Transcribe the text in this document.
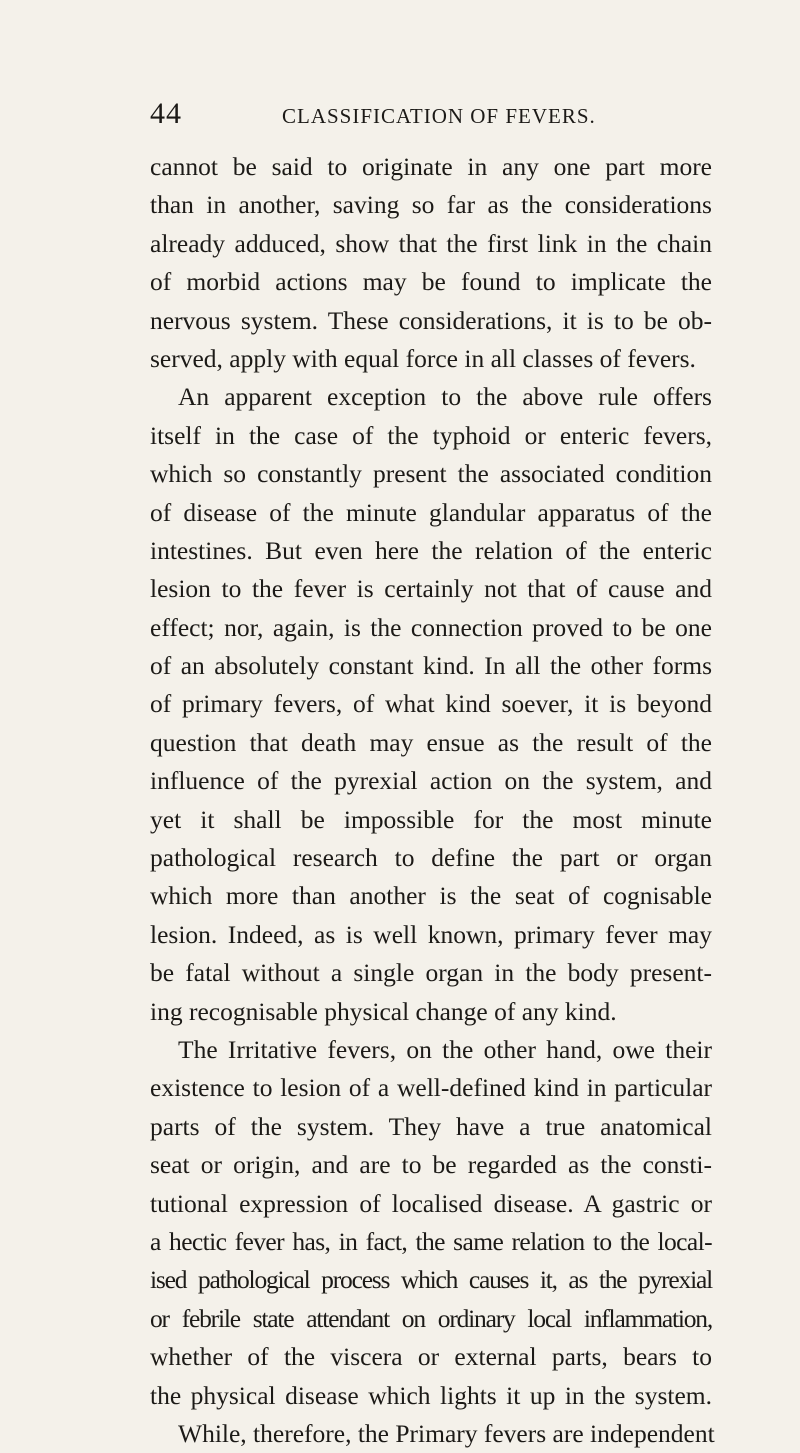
44	CLASSIFICATION OF FEVERS.
cannot be said to originate in any one part more
than in another, saving so far as the considerations
already adduced, show that the first link in the chain
of morbid actions may be found to implicate the
nervous system. These considerations, it is to be ob-
served, apply with equal force in all classes of fevers.
An apparent exception to the above rule offers
itself in the case of the typhoid or enteric fevers,
which so constantly present the associated condition
of disease of the minute glandular apparatus of the
intestines. But even here the relation of the enteric
lesion to the fever is certainly not that of cause and
effect; nor, again, is the connection proved to be one
of an absolutely constant kind. In all the other forms
of primary fevers, of what kind soever, it is beyond
question that death may ensue as the result of the
influence of the pyrexial action on the system, and
yet it shall be impossible for the most minute
pathological research to define the part or organ
which more than another is the seat of cognisable
lesion. Indeed, as is well known, primary fever may
be fatal without a single organ in the body present-
ing recognisable physical change of any kind.
The Irritative fevers, on the other hand, owe their
existence to lesion of a well-defined kind in particular
parts of the system. They have a true anatomical
seat or origin, and are to be regarded as the consti-
tutional expression of localised disease. A gastric or
a hectic fever has, in fact, the same relation to the local-
ised pathological process which causes it, as the pyrexial
or febrile state attendant on ordinary local inflammation,
whether of the viscera or external parts, bears to
the physical disease which lights it up in the system.
While, therefore, the Primary fevers are independent
